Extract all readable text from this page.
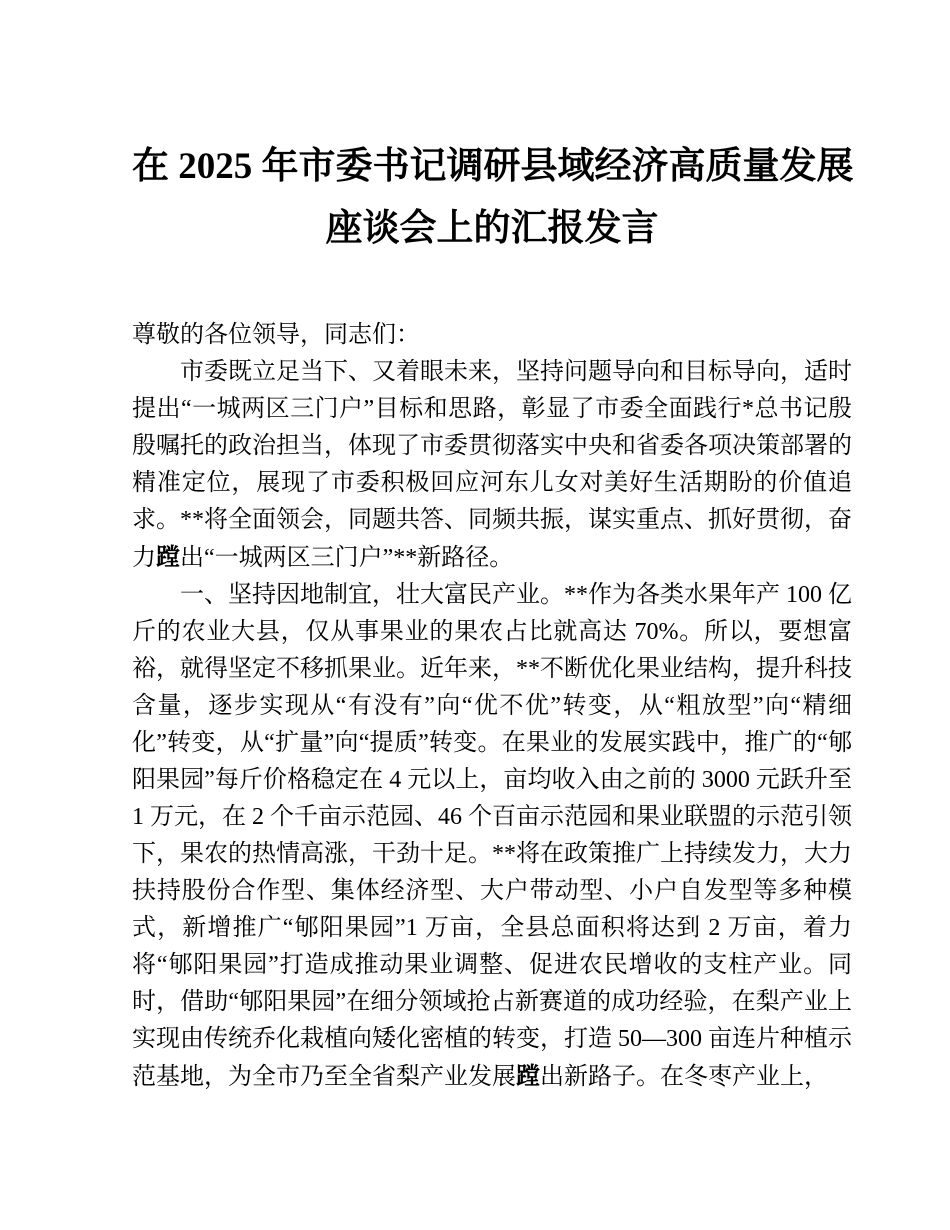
在 2025 年市委书记调研县域经济高质量发展
座谈会上的汇报发言

尊敬的各位领导，同志们：

市委既立足当下、又着眼未来，坚持问题导向和目标导向，适时提出“一城两区三门户”目标和思路，彰显了市委全面践行*总书记殷殷嘱托的政治担当，体现了市委贯彻落实中央和省委各项决策部署的精准定位，展现了市委积极回应河东儿女对美好生活期盼的价值追求。**将全面领会，同题共答、同频共振，谋实重点、抓好贯彻，奋力蹚出“一城两区三门户”**新路径。

一、坚持因地制宜，壮大富民产业。**作为各类水果年产 100 亿斤的农业大县，仅从事果业的果农占比就高达 70%。所以，要想富裕，就得坚定不移抓果业。近年来，**不断优化果业结构，提升科技含量，逐步实现从“有没有”向“优不优”转变，从“粗放型”向“精细化”转变，从“扩量”向“提质”转变。在果业的发展实践中，推广的“郇阳果园”每斤价格稳定在 4 元以上，亩均收入由之前的 3000 元跃升至 1 万元，在 2 个千亩示范园、46 个百亩示范园和果业联盟的示范引领下，果农的热情高涨，干劲十足。**将在政策推广上持续发力，大力扶持股份合作型、集体经济型、大户带动型、小户自发型等多种模式，新增推广“郇阳果园”1 万亩，全县总面积将达到 2 万亩，着力将“郇阳果园”打造成推动果业调整、促进农民增收的支柱产业。同时，借助“郇阳果园”在细分领域抢占新赛道的成功经验，在梨产业上实现由传统乔化栽植向矮化密植的转变，打造 50—300 亩连片种植示范基地，为全市乃至全省梨产业发展蹚出新路子。在冬枣产业上，
